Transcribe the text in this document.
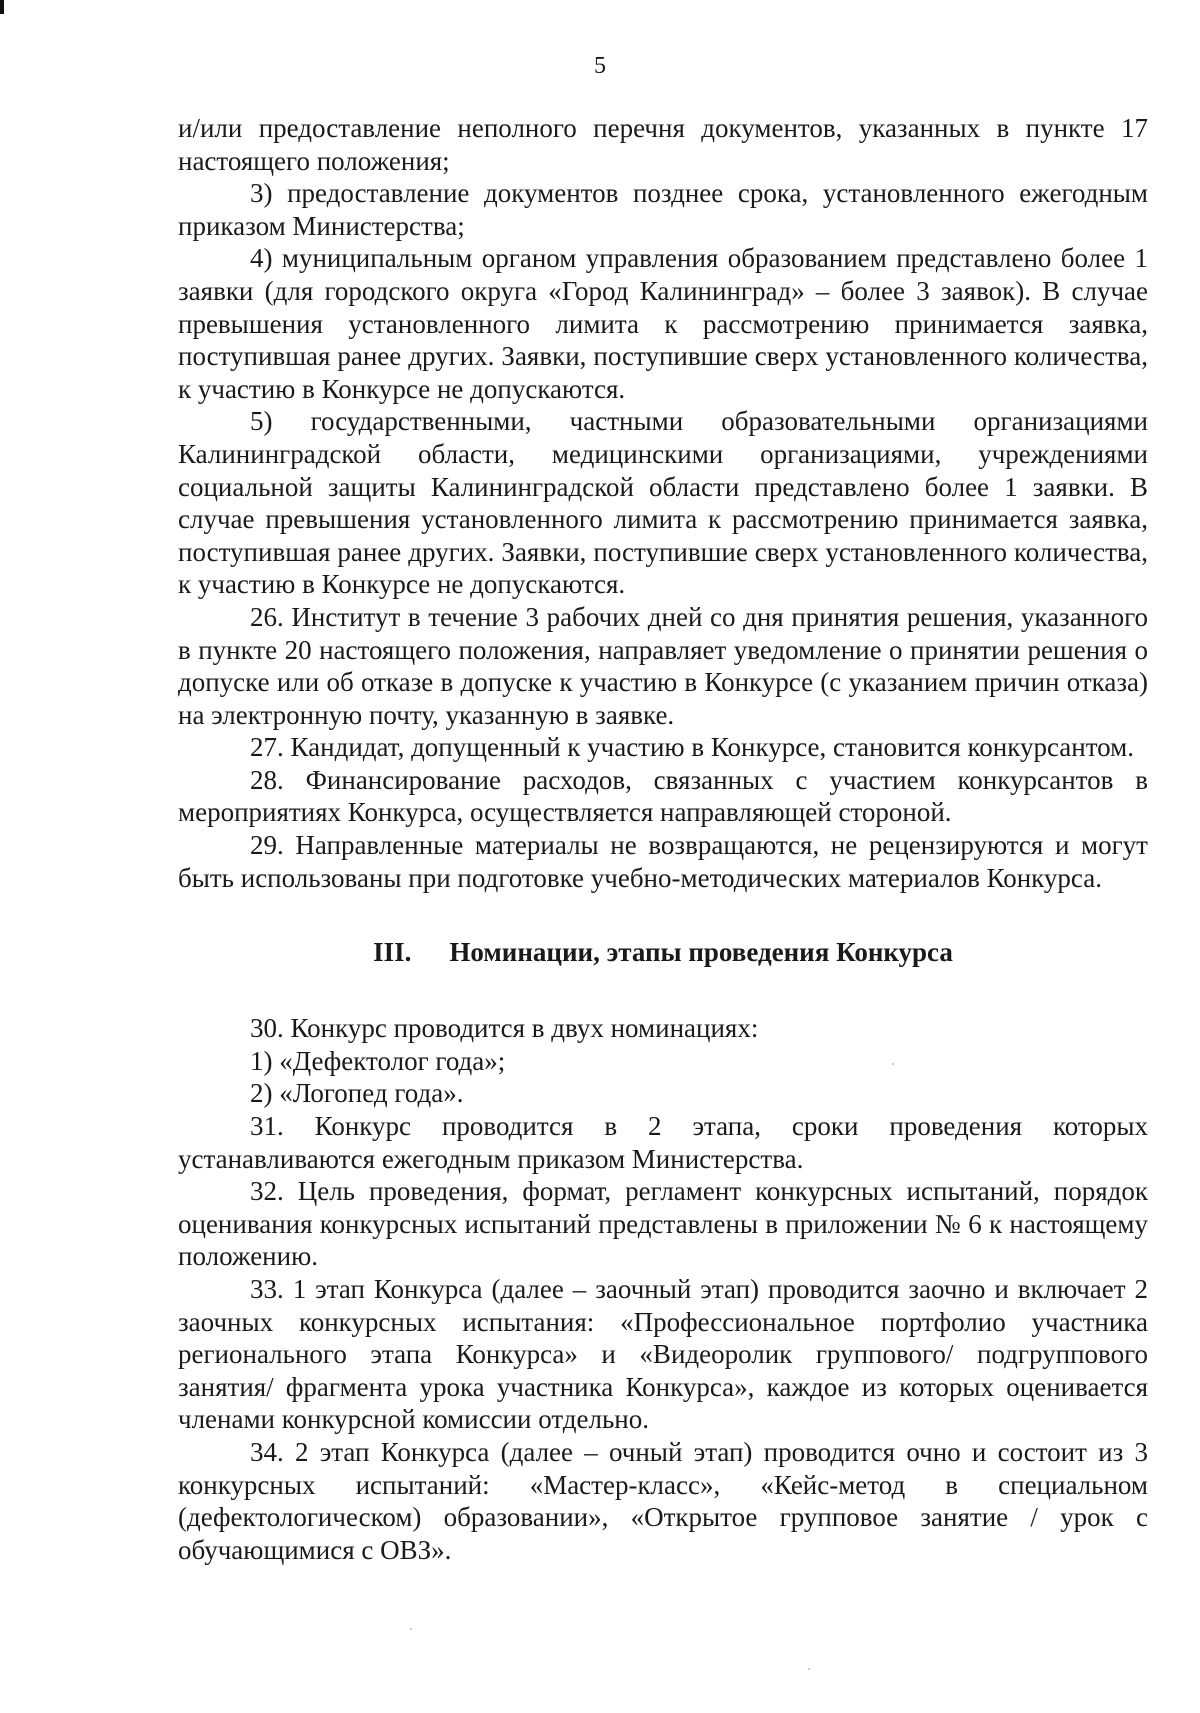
5

и/или предоставление неполного перечня документов, указанных в пункте 17 настоящего положения;

3) предоставление документов позднее срока, установленного ежегодным приказом Министерства;

4) муниципальным органом управления образованием представлено более 1 заявки (для городского округа «Город Калининград» – более 3 заявок). В случае превышения установленного лимита к рассмотрению принимается заявка, поступившая ранее других. Заявки, поступившие сверх установленного количества, к участию в Конкурсе не допускаются.

5) государственными, частными образовательными организациями Калининградской области, медицинскими организациями, учреждениями социальной защиты Калининградской области представлено более 1 заявки. В случае превышения установленного лимита к рассмотрению принимается заявка, поступившая ранее других. Заявки, поступившие сверх установленного количества, к участию в Конкурсе не допускаются.

26. Институт в течение 3 рабочих дней со дня принятия решения, указанного в пункте 20 настоящего положения, направляет уведомление о принятии решения о допуске или об отказе в допуске к участию в Конкурсе (с указанием причин отказа) на электронную почту, указанную в заявке.

27. Кандидат, допущенный к участию в Конкурсе, становится конкурсантом.

28. Финансирование расходов, связанных с участием конкурсантов в мероприятиях Конкурса, осуществляется направляющей стороной.

29. Направленные материалы не возвращаются, не рецензируются и могут быть использованы при подготовке учебно-методических материалов Конкурса.

III. Номинации, этапы проведения Конкурса

30. Конкурс проводится в двух номинациях:

1) «Дефектолог года»;

2) «Логопед года».

31. Конкурс проводится в 2 этапа, сроки проведения которых устанавливаются ежегодным приказом Министерства.

32. Цель проведения, формат, регламент конкурсных испытаний, порядок оценивания конкурсных испытаний представлены в приложении № 6 к настоящему положению.

33. 1 этап Конкурса (далее – заочный этап) проводится заочно и включает 2 заочных конкурсных испытания: «Профессиональное портфолио участника регионального этапа Конкурса» и «Видеоролик группового/ подгруппового занятия/ фрагмента урока участника Конкурса», каждое из которых оценивается членами конкурсной комиссии отдельно.

34. 2 этап Конкурса (далее – очный этап) проводится очно и состоит из 3 конкурсных испытаний: «Мастер-класс», «Кейс-метод в специальном (дефектологическом) образовании», «Открытое групповое занятие / урок с обучающимися с ОВЗ».
